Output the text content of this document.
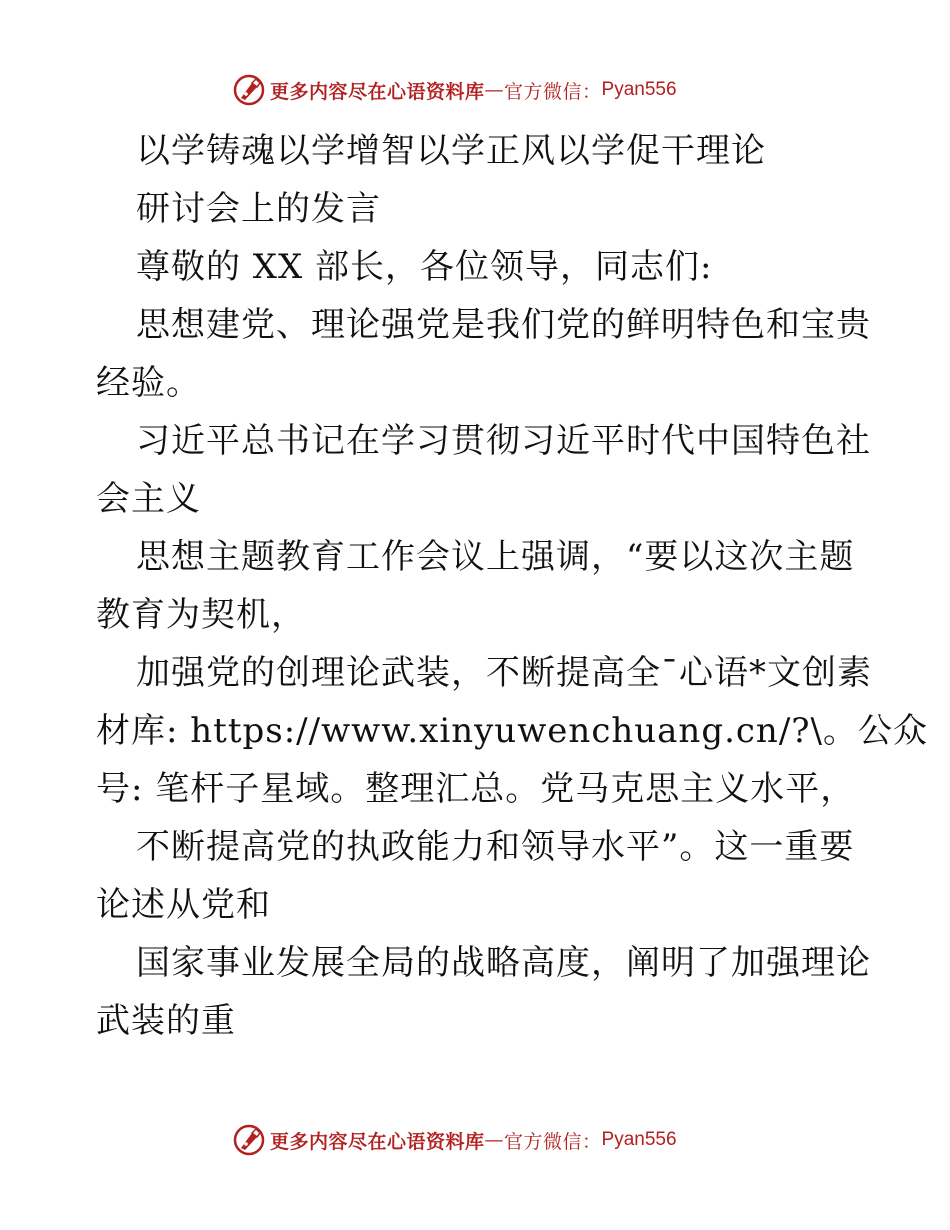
更多内容尽在心语资料库 — 官方微信： Pyan556
以学铸魂以学增智以学正风以学促干理论
研讨会上的发言
尊敬的 XX 部长，各位领导，同志们:
思想建党、理论强党是我们党的鲜明特色和宝贵
经验。
习近平总书记在学习贯彻习近平时代中国特色社
会主义
思想主题教育工作会议上强调，“要以这次主题
教育为契机，
加强党的创理论武装，不断提高全¯心语*文创素
材库: https://www.xinyuwenchuang.cn/?\。公众
号: 笔杆子星域。整理汇总。党马克思主义水平，
不断提高党的执政能力和领导水平”。这一重要
论述从党和
国家事业发展全局的战略高度，阐明了加强理论
武装的重
更多内容尽在心语资料库 — 官方微信： Pyan556
